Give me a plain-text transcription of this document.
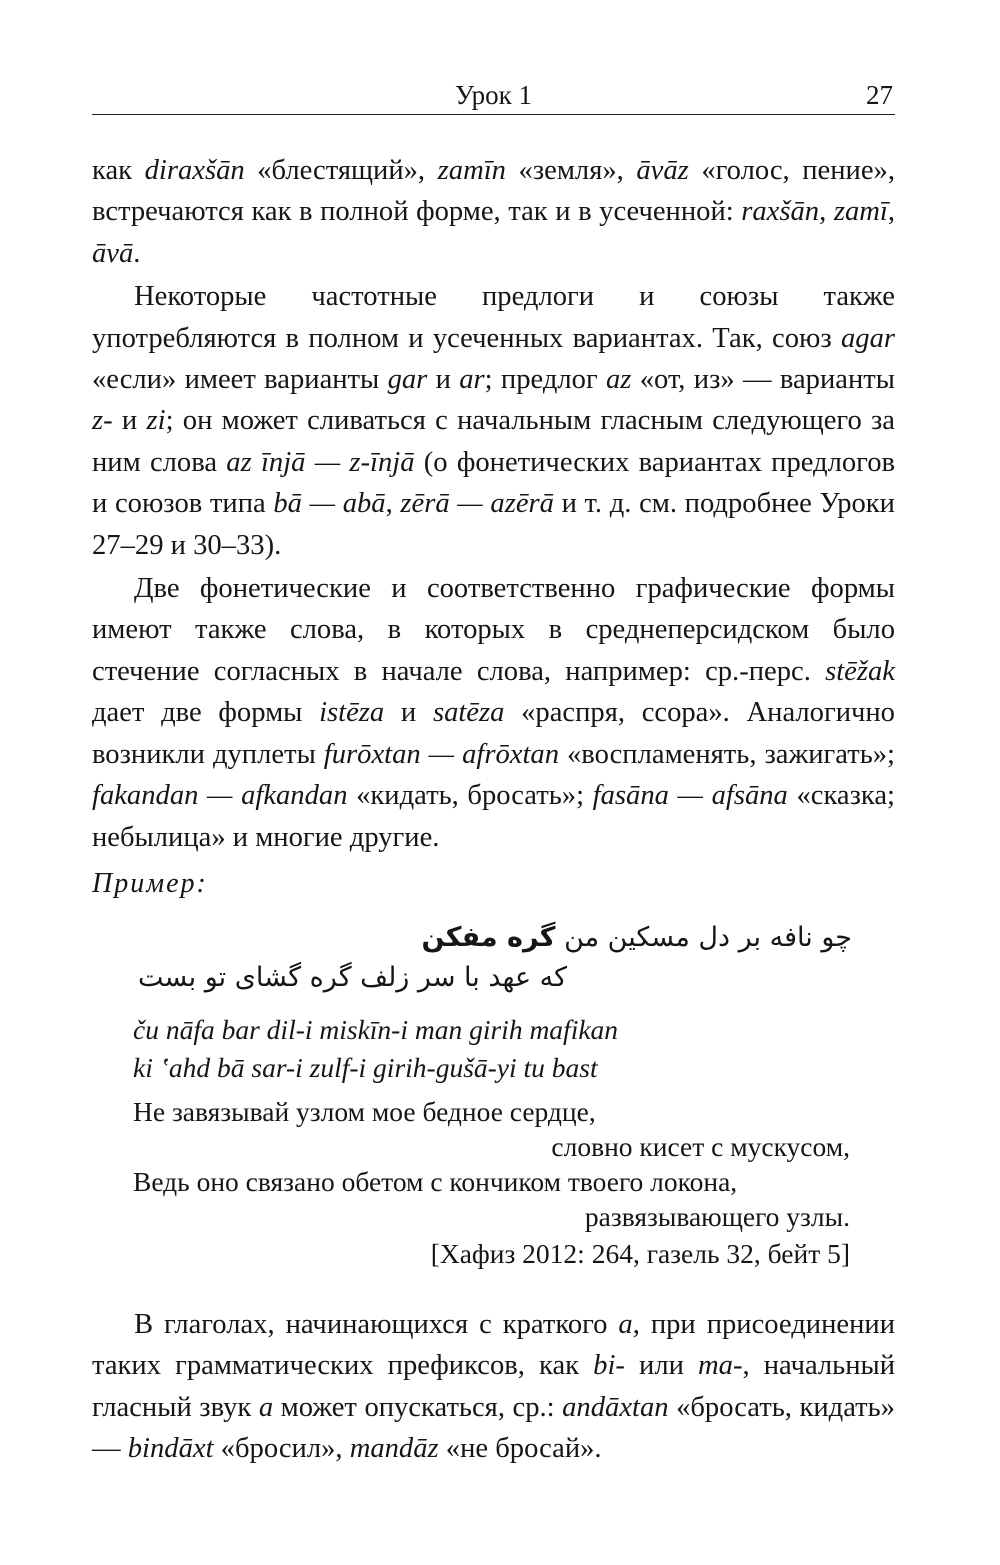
Урок 1	27

как diraxšān «блестящий», zamīn «земля», āvāz «голос, пение», встречаются как в полной форме, так и в усеченной: raxšān, zamī, āvā.

Некоторые частотные предлоги и союзы также употребляются в полном и усеченных вариантах. Так, союз agar «если» имеет варианты gar и ar; предлог az «от, из» — варианты z- и zi; он может сливаться с начальным гласным следующего за ним слова az īnjā — z-īnjā (о фонетических вариантах предлогов и союзов типа bā — abā, zērā — azērā и т. д. см. подробнее Уроки 27–29 и 30–33).

Две фонетические и соответственно графические формы имеют также слова, в которых в среднеперсидском было стечение согласных в начале слова, например: ср.-перс. stēžak дает две формы istēza и satēza «распря, ссора». Аналогично возникли дуплеты furōxtan — afrōxtan «воспламенять, зажигать»; fakandan — afkandan «кидать, бросать»; fasāna — afsāna «сказка; небылица» и многие другие.

Пример:
چو نافه بر دل مسکین من گره مفکن
که عهد با سر زلف گره گشای تو بست
ču nāfa bar dil-i miskīn-i man girih mafikan
ki ʽahd bā sar-i zulf-i girih-gušā-yi tu bast
Не завязывай узлом мое бедное сердце,
словно кисет с мускусом,
Ведь оно связано обетом с кончиком твоего локона,
развязывающего узлы.
[Хафиз 2012: 264, газель 32, бейт 5]

В глаголах, начинающихся с краткого a, при присоединении таких грамматических префиксов, как bi- или ma-, начальный гласный звук a может опускаться, ср.: andāxtan «бросать, кидать» — bindāxt «бросил», mandāz «не бросай».
